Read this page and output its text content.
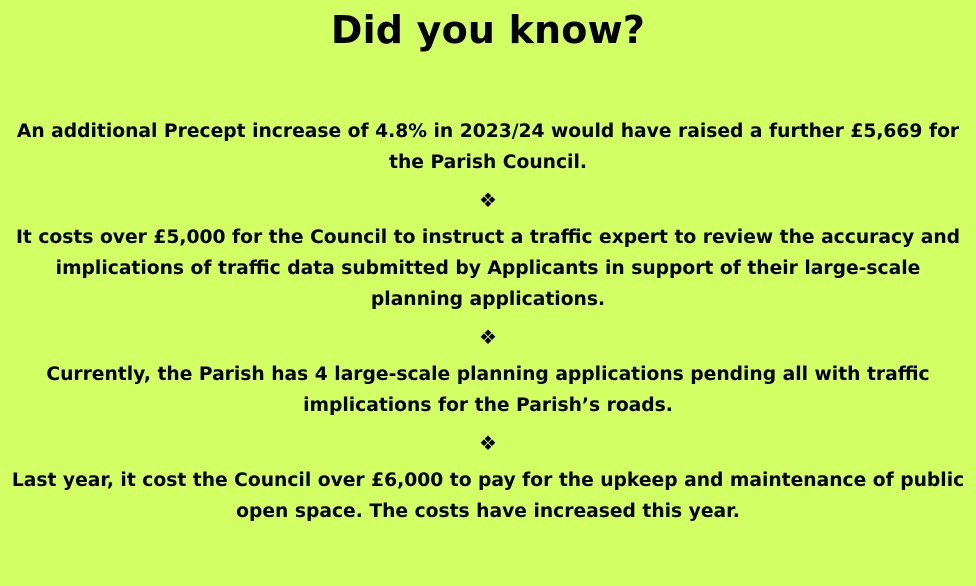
Did you know?

An additional Precept increase of 4.8% in 2023/24 would have raised a further £5,669 for the Parish Council.

❖

It costs over £5,000 for the Council to instruct a traffic expert to review the accuracy and implications of traffic data submitted by Applicants in support of their large-scale planning applications.

❖

Currently, the Parish has 4 large-scale planning applications pending all with traffic implications for the Parish’s roads.

❖

Last year, it cost the Council over £6,000 to pay for the upkeep and maintenance of public open space. The costs have increased this year.
